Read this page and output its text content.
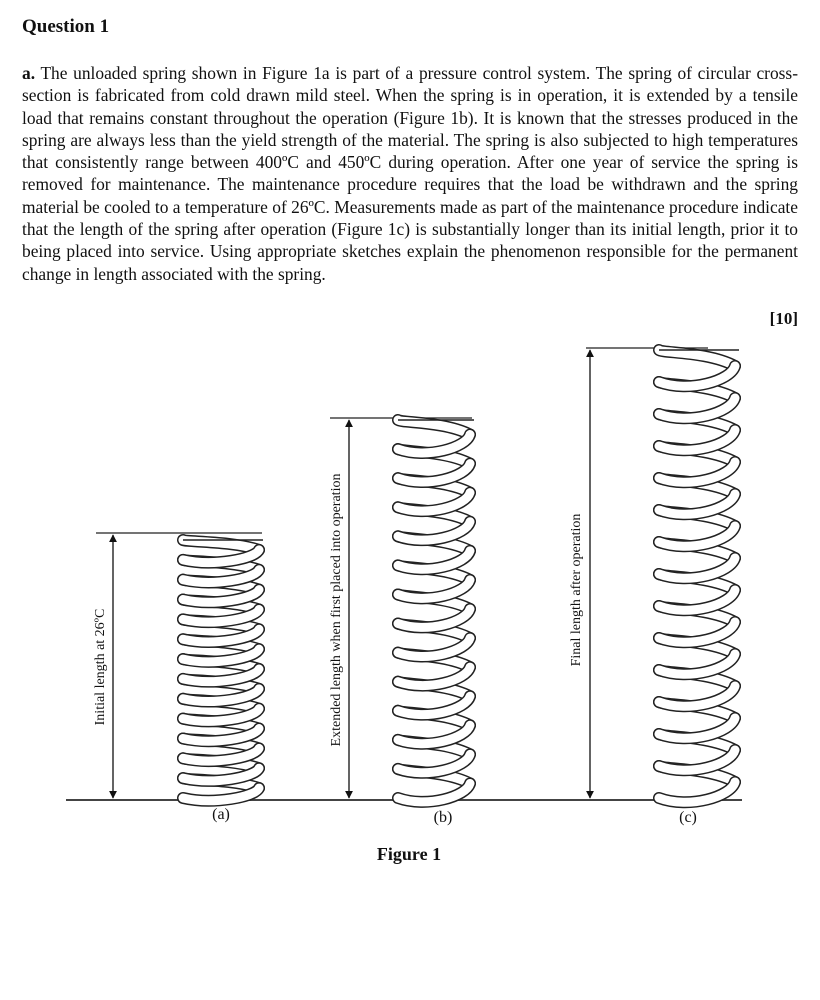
Question 1

a. The unloaded spring shown in Figure 1a is part of a pressure control system. The spring of circular cross-section is fabricated from cold drawn mild steel. When the spring is in operation, it is extended by a tensile load that remains constant throughout the operation (Figure 1b). It is known that the stresses produced in the spring are always less than the yield strength of the material. The spring is also subjected to high temperatures that consistently range between 400ºC and 450ºC during operation. After one year of service the spring is removed for maintenance. The maintenance procedure requires that the load be withdrawn and the spring material be cooled to a temperature of 26ºC. Measurements made as part of the maintenance procedure indicate that the length of the spring after operation (Figure 1c) is substantially longer than its initial length, prior it to being placed into service. Using appropriate sketches explain the phenomenon responsible for the permanent change in length associated with the spring.

[10]
Initial length at 26ºC
(a)
Extended length when first placed into operation
(b)
Final length after operation
(c)
Figure 1
